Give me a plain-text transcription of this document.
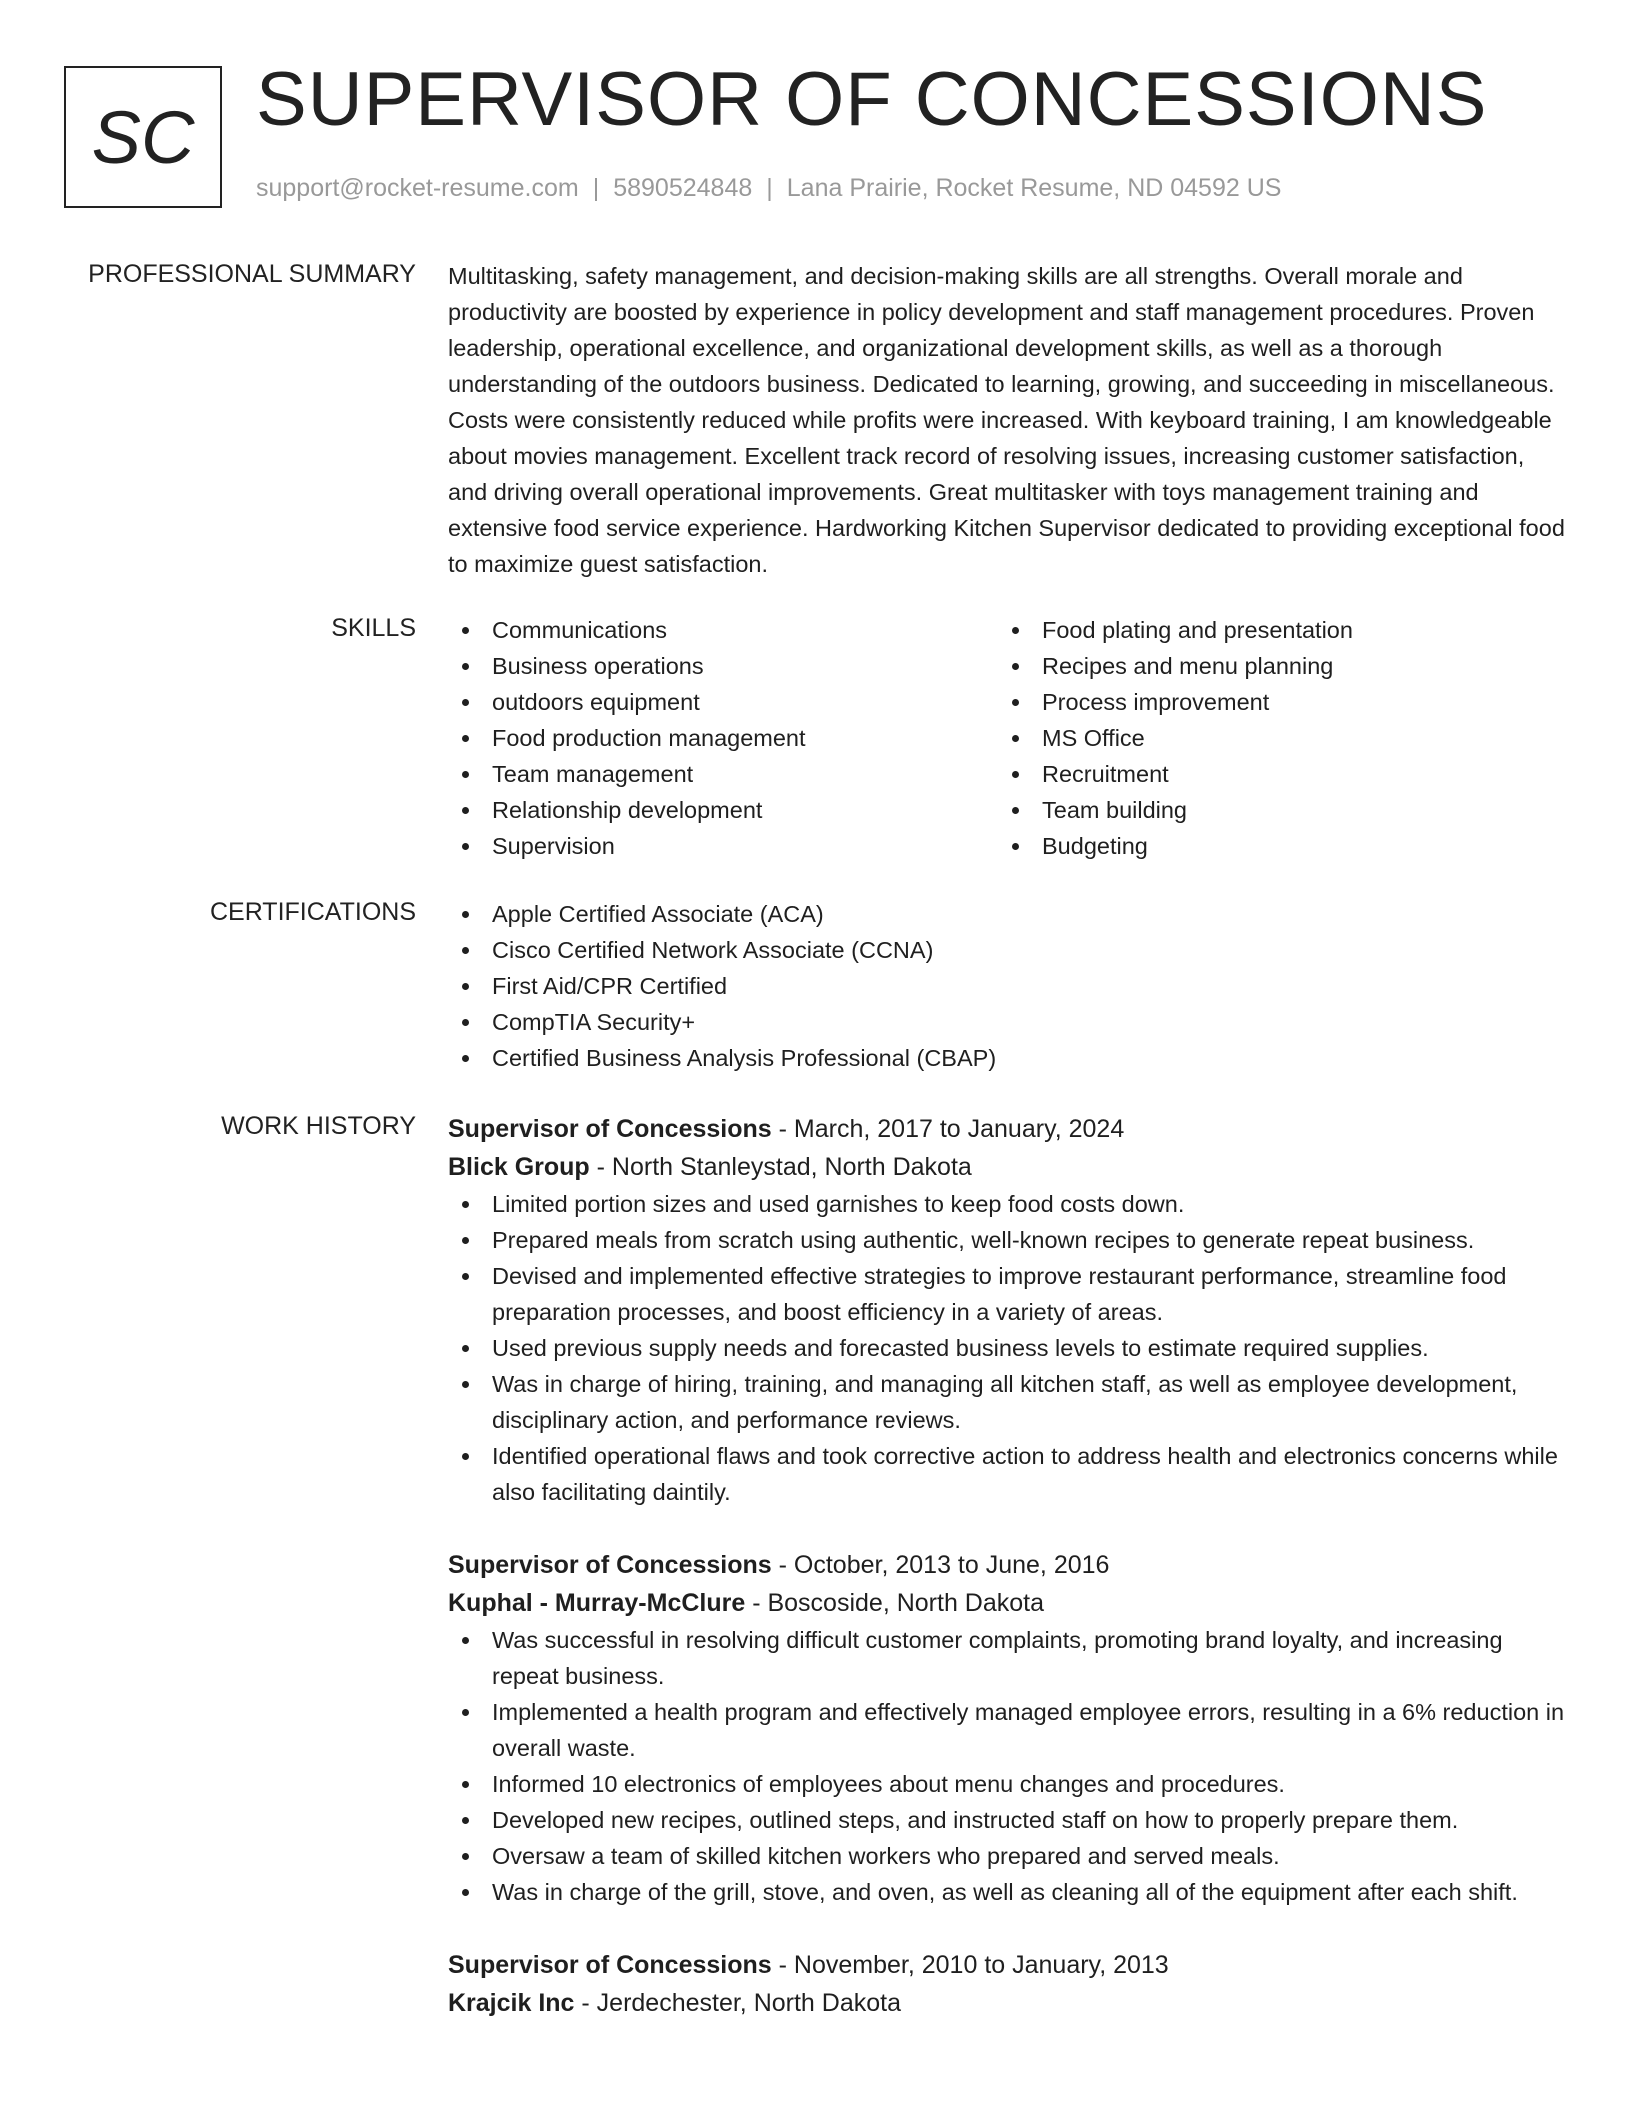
SC SUPERVISOR OF CONCESSIONS
support@rocket-resume.com | 5890524848 | Lana Prairie, Rocket Resume, ND 04592 US
PROFESSIONAL SUMMARY Multitasking, safety management, and decision-making skills are all strengths. Overall morale and productivity are boosted by experience in policy development and staff management procedures. Proven leadership, operational excellence, and organizational development skills, as well as a thorough understanding of the outdoors business. Dedicated to learning, growing, and succeeding in miscellaneous. Costs were consistently reduced while profits were increased. With keyboard training, I am knowledgeable about movies management. Excellent track record of resolving issues, increasing customer satisfaction, and driving overall operational improvements. Great multitasker with toys management training and extensive food service experience. Hardworking Kitchen Supervisor dedicated to providing exceptional food to maximize guest satisfaction.
SKILLS	Communications
Business operations
outdoors equipment
Food production management
Team management
Relationship development
Supervision
Food plating and presentation
Recipes and menu planning
Process improvement
MS Office
Recruitment
Team building
Budgeting
CERTIFICATIONS	Apple Certified Associate (ACA)
Cisco Certified Network Associate (CCNA)
First Aid/CPR Certified
CompTIA Security+
Certified Business Analysis Professional (CBAP)
WORK HISTORY Supervisor of Concessions - March, 2017 to January, 2024
Blick Group - North Stanleystad, North Dakota
Limited portion sizes and used garnishes to keep food costs down.
Prepared meals from scratch using authentic, well-known recipes to generate repeat business.
Devised and implemented effective strategies to improve restaurant performance, streamline food preparation processes, and boost efficiency in a variety of areas.
Used previous supply needs and forecasted business levels to estimate required supplies.
Was in charge of hiring, training, and managing all kitchen staff, as well as employee development, disciplinary action, and performance reviews.
Identified operational flaws and took corrective action to address health and electronics concerns while also facilitating daintily.
Supervisor of Concessions - October, 2013 to June, 2016
Kuphal - Murray-McClure - Boscoside, North Dakota
Was successful in resolving difficult customer complaints, promoting brand loyalty, and increasing repeat business.
Implemented a health program and effectively managed employee errors, resulting in a 6% reduction in overall waste.
Informed 10 electronics of employees about menu changes and procedures.
Developed new recipes, outlined steps, and instructed staff on how to properly prepare them.
Oversaw a team of skilled kitchen workers who prepared and served meals.
Was in charge of the grill, stove, and oven, as well as cleaning all of the equipment after each shift.
Supervisor of Concessions - November, 2010 to January, 2013
Krajcik Inc - Jerdechester, North Dakota
